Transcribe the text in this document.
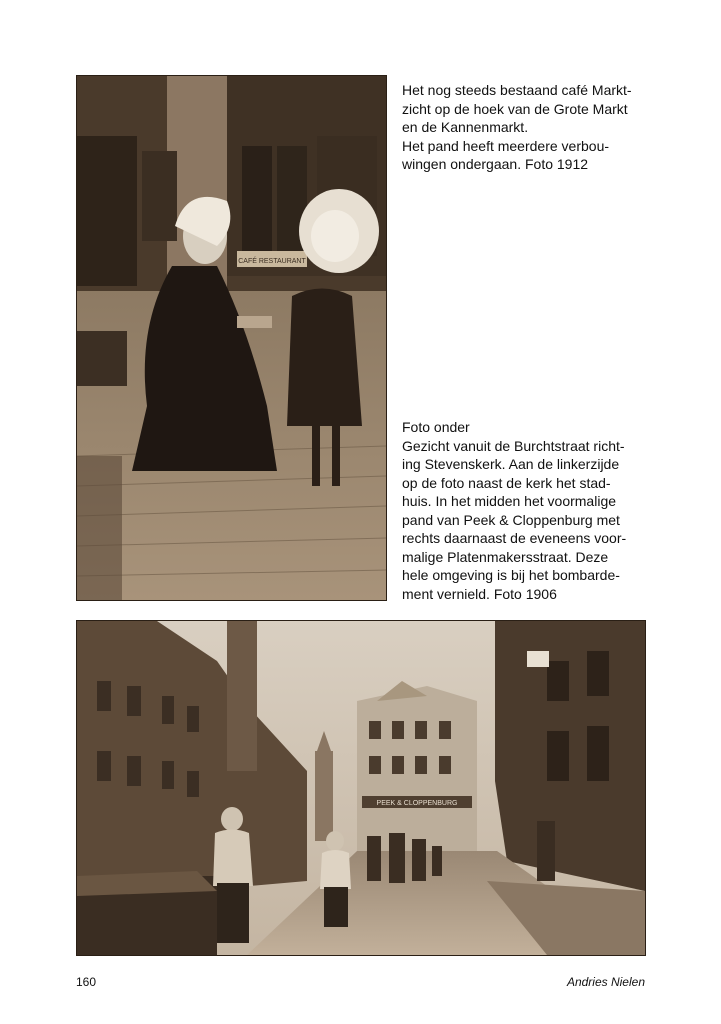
CAFÉ RESTAURANT

Het nog steeds bestaand café Markt-

zicht op de hoek van de Grote Markt

en de Kannenmarkt.

Het pand heeft meerdere verbou-

wingen ondergaan. Foto 1912

Foto onder

Gezicht vanuit de Burchtstraat richt-

ing Stevenskerk. Aan de linkerzijde

op de foto naast de kerk het stad-

huis. In het midden het voormalige

pand van Peek & Cloppenburg met

rechts daarnaast de eveneens voor-

malige Platenmakersstraat. Deze

hele omgeving is bij het bombarde-

ment vernield. Foto 1906

PEEK & CLOPPENBURG
160	Andries Nielen
